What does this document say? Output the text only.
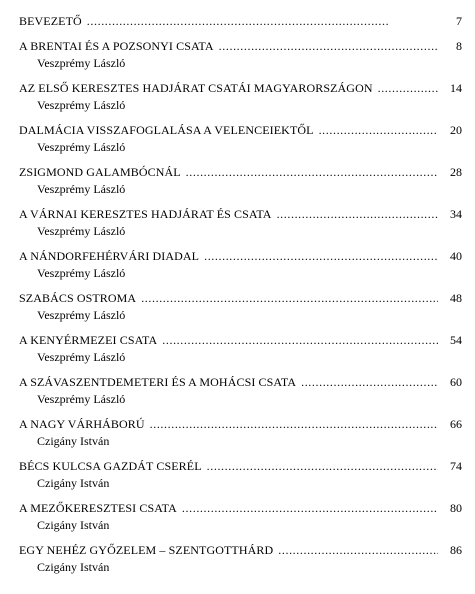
BEVEZETŐ . . .	7
A BRENTAI ÉS A POZSONYI CSATA . . .	8
Veszprémy László
AZ ELSŐ KERESZTES HADJÁRAT CSATÁI MAGYARORSZÁGON . . .	14
Veszprémy László
DALMÁCIA VISSZAFOGLALÁSA A VELENCEIEKTŐL . . .	20
Veszprémy László
ZSIGMOND GALAMBÓCNÁL . . .	28
Veszprémy László
A VÁRNAI KERESZTES HADJÁRAT ÉS CSATA . . .	34
Veszprémy László
A NÁNDORFEHÉRVÁRI DIADAL . . .	40
Veszprémy László
SZABÁCS OSTROMA . . .	48
Veszprémy László
A KENYÉRMEZEI CSATA . . .	54
Veszprémy László
A SZÁVASZENTDEMETERI ÉS A MOHÁCSI CSATA . . .	60
Veszprémy László
A NAGY VÁRHÁBORÚ . . .	66
Czigány István
BÉCS KULCSA GAZDÁT CSERÉL . . .	74
Czigány István
A MEZŐKERESZTESI CSATA . . .	80
Czigány István
EGY NEHÉZ GYŐZELEM – SZENTGOTTHÁRD . . .	86
Czigány István
